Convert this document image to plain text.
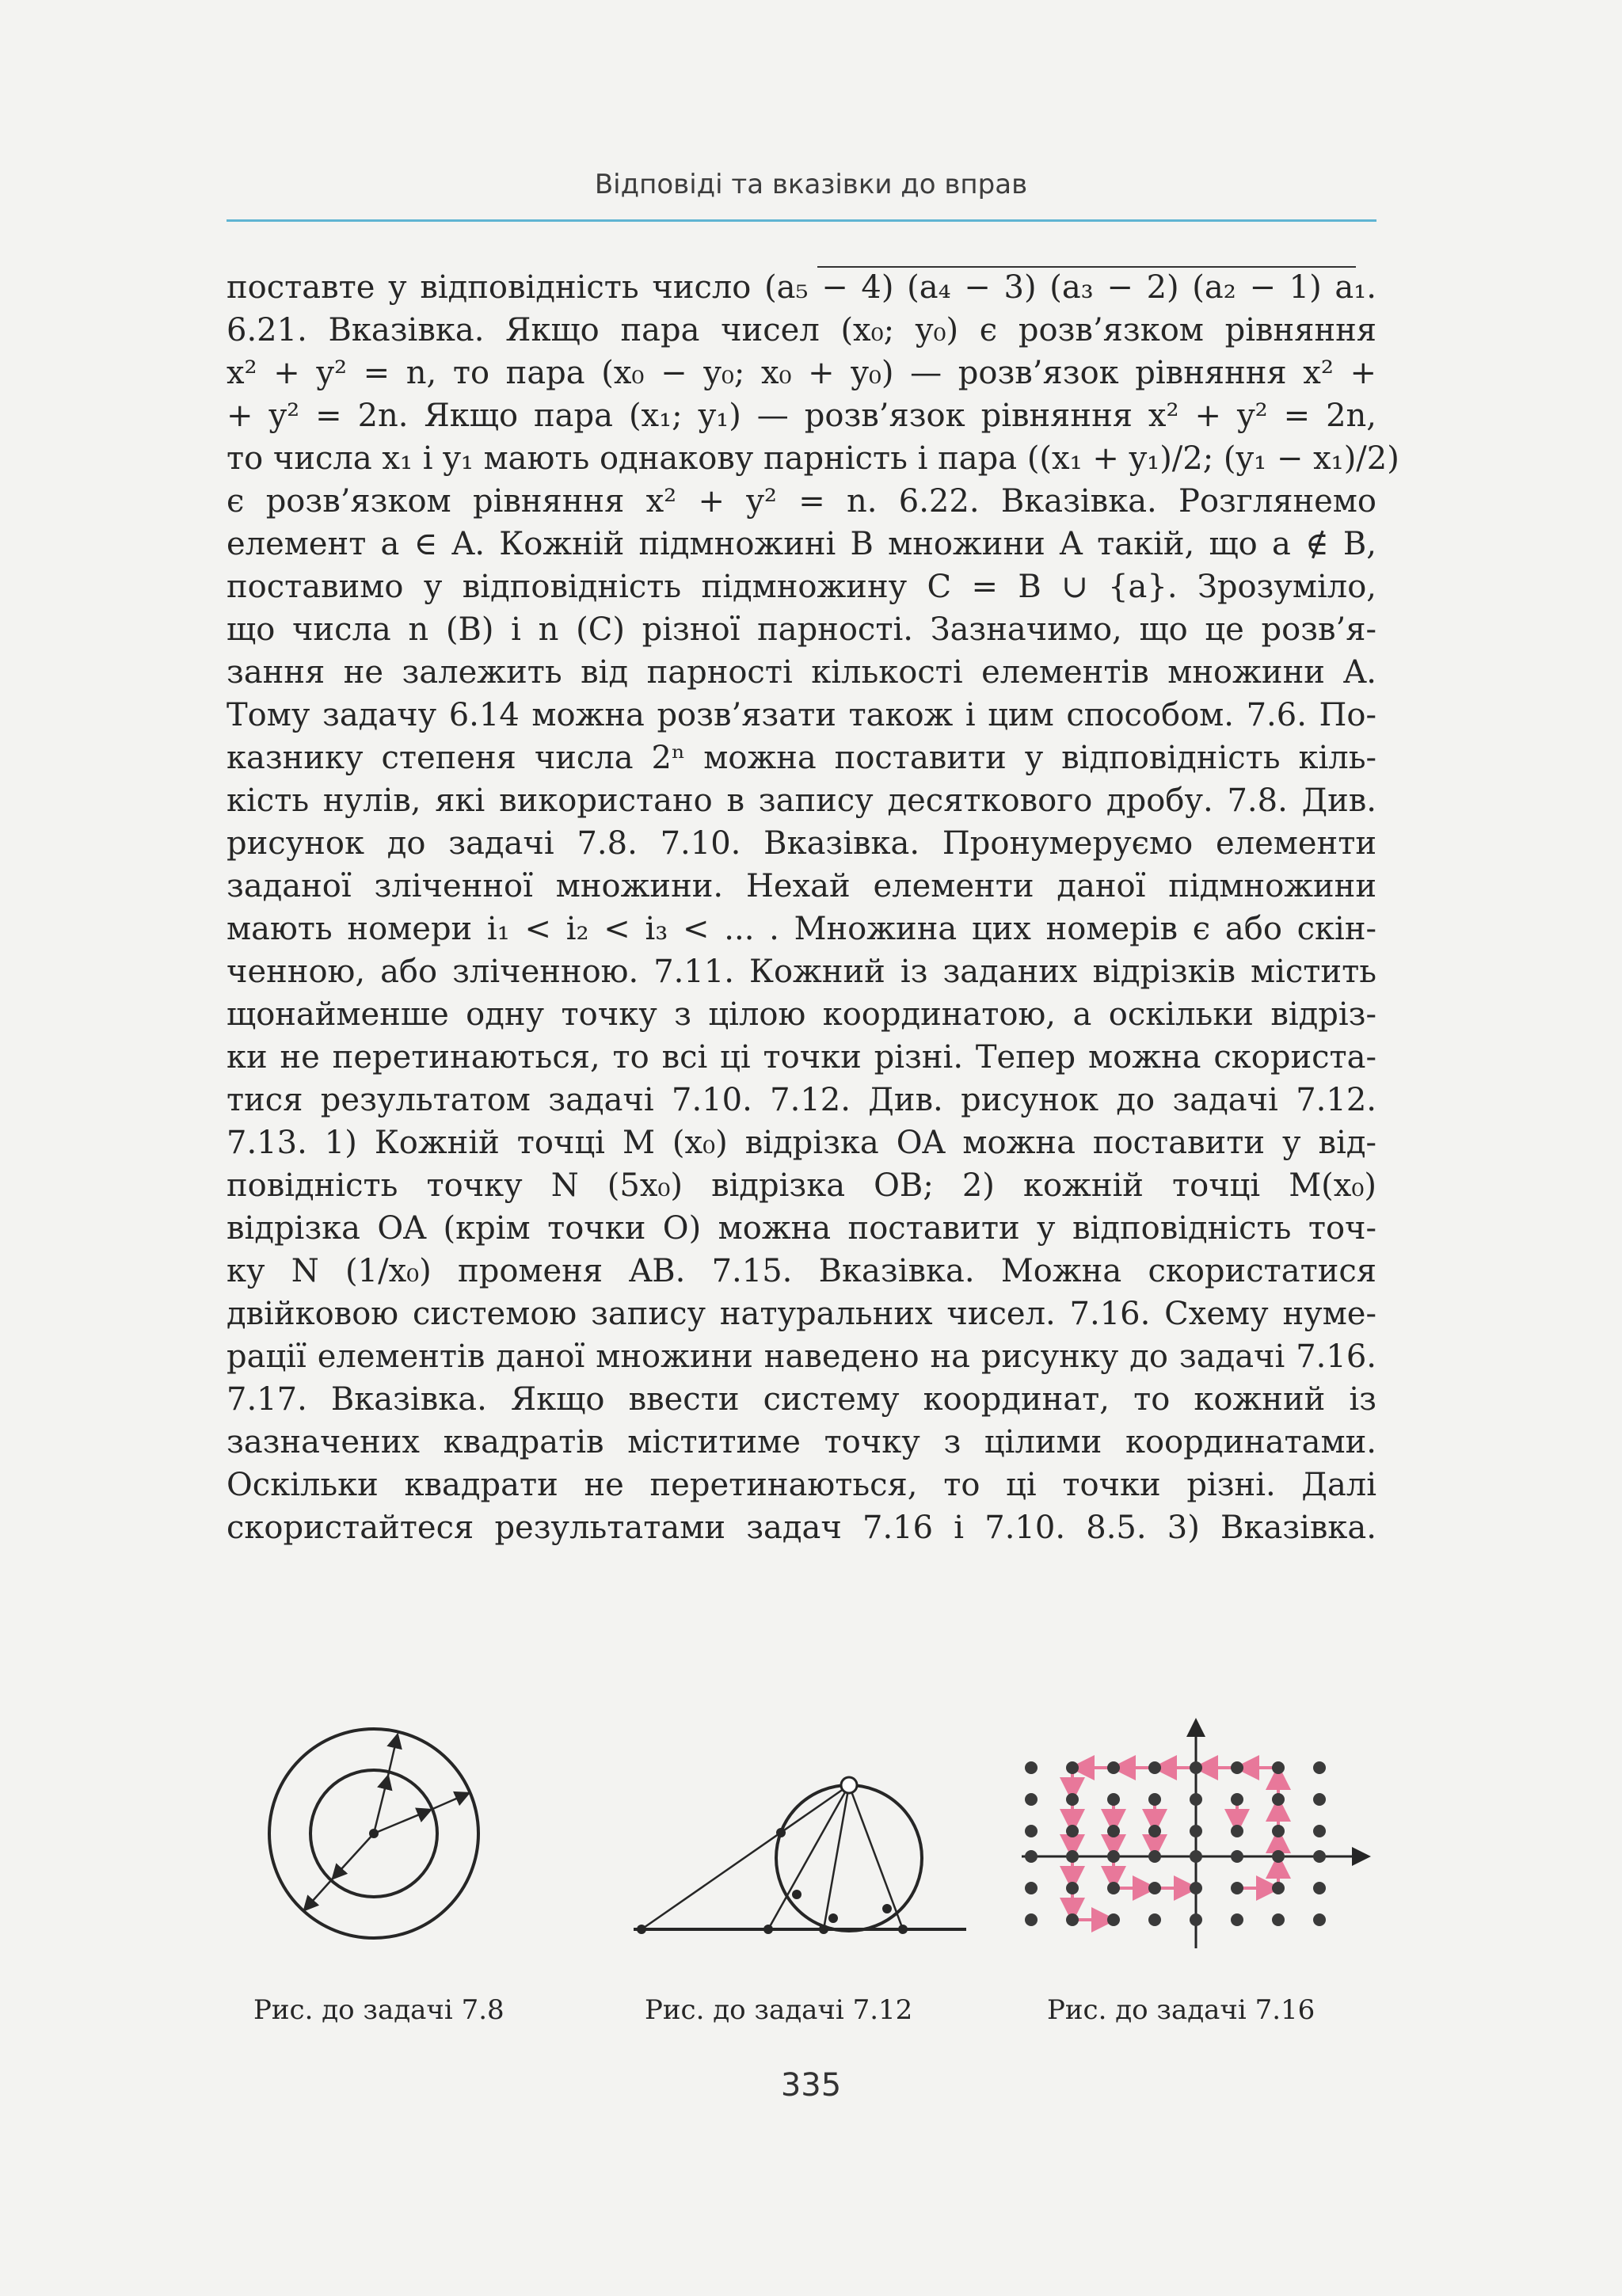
Відповіді та вказівки до вправ
поставте у відповідність число (a₅ − 4) (a₄ − 3) (a₃ − 2) (a₂ − 1) a₁.
6.21. Вказівка. Якщо пара чисел (x₀; y₀) є розв’язком рівняння
x² + y² = n, то пара (x₀ − y₀; x₀ + y₀) — розв’язок рівняння x² +
+ y² = 2n. Якщо пара (x₁; y₁) — розв’язок рівняння x² + y² = 2n,
то числа x₁ і y₁ мають однакову парність і пара ((x₁ + y₁)/2; (y₁ − x₁)/2)
є розв’язком рівняння x² + y² = n. 6.22. Вказівка. Розглянемо
елемент a ∈ A. Кожній підмножині B множини A такій, що a ∉ B,
поставимо у відповідність підмножину C = B ∪ {a}. Зрозуміло,
що числа n (B) і n (C) різної парності. Зазначимо, що це розв’я-
зання не залежить від парності кількості елементів множини A.
Тому задачу 6.14 можна розв’язати також і цим способом. 7.6. По-
казнику степеня числа 2ⁿ можна поставити у відповідність кіль-
кість нулів, які використано в запису десяткового дробу. 7.8. Див.
рисунок до задачі 7.8. 7.10. Вказівка. Пронумеруємо елементи
заданої зліченної множини. Нехай елементи даної підмножини
мають номери i₁ < i₂ < i₃ < ... . Множина цих номерів є або скін-
ченною, або зліченною. 7.11. Кожний із заданих відрізків містить
щонайменше одну точку з цілою координатою, а оскільки відріз-
ки не перетинаються, то всі ці точки різні. Тепер можна скориста-
тися результатом задачі 7.10. 7.12. Див. рисунок до задачі 7.12.
7.13. 1) Кожній точці M (x₀) відрізка OA можна поставити у від-
повідність точку N (5x₀) відрізка OB; 2) кожній точці M(x₀)
відрізка OA (крім точки O) можна поставити у відповідність точ-
ку N (1/x₀) променя AB. 7.15. Вказівка. Можна скористатися
двійковою системою запису натуральних чисел. 7.16. Схему нуме-
рації елементів даної множини наведено на рисунку до задачі 7.16.
7.17. Вказівка. Якщо ввести систему координат, то кожний із
зазначених квадратів міститиме точку з цілими координатами.
Оскільки квадрати не перетинаються, то ці точки різні. Далі
скористайтеся результатами задач 7.16 і 7.10. 8.5. 3) Вказівка.
Рис. до задачі 7.8	Рис. до задачі 7.12	Рис. до задачі 7.16
335
